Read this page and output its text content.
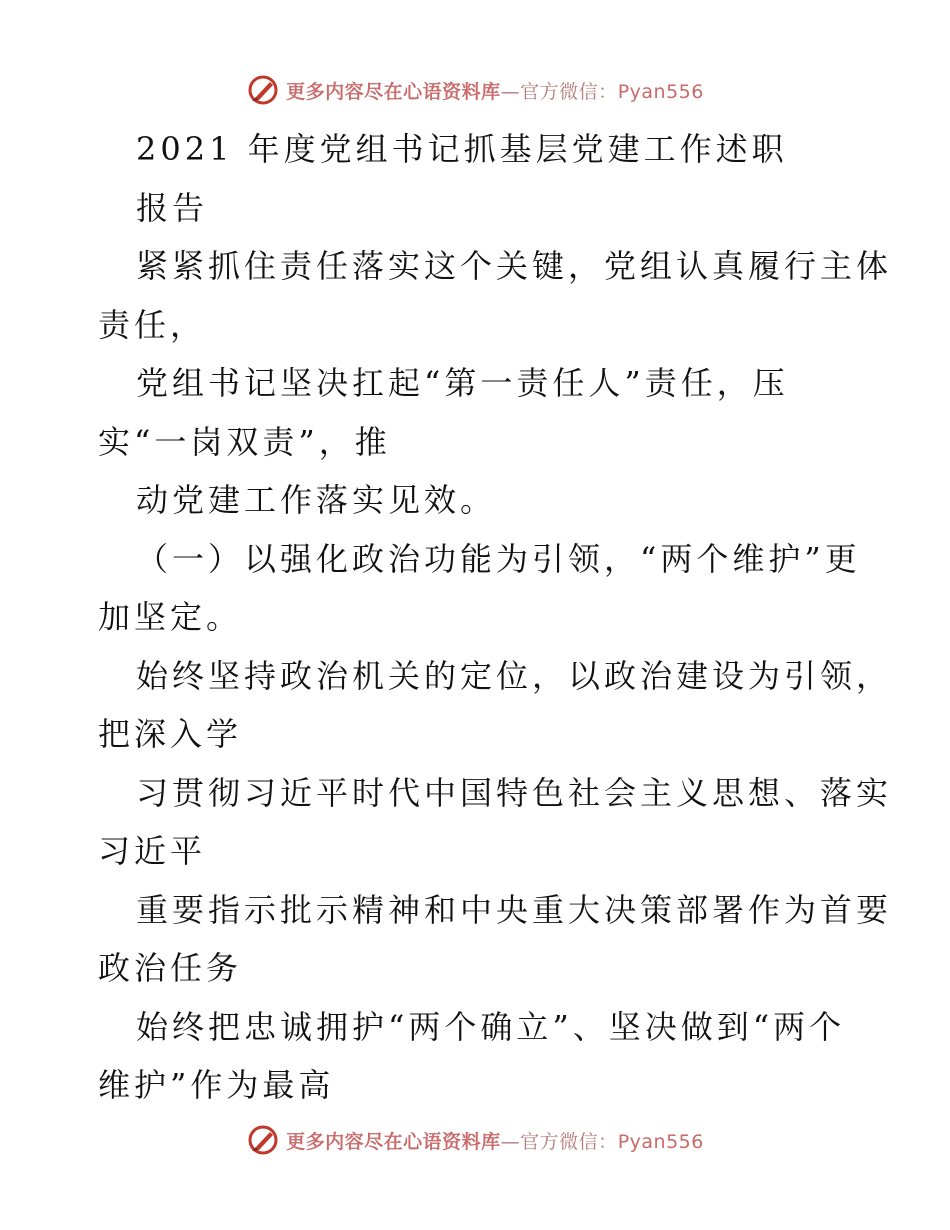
更多内容尽在心语资料库—官方微信：Pyan556
2021 年度党组书记抓基层党建工作述职
报告
紧紧抓住责任落实这个关键，党组认真履行主体
责任，
党组书记坚决扛起“第一责任人”责任，压
实“一岗双责”，推
动党建工作落实见效。
（一）以强化政治功能为引领，“两个维护”更
加坚定。
始终坚持政治机关的定位，以政治建设为引领，
把深入学
习贯彻习近平时代中国特色社会主义思想、落实
习近平
重要指示批示精神和中央重大决策部署作为首要
政治任务
始终把忠诚拥护“两个确立”、坚决做到“两个
维护”作为最高
更多内容尽在心语资料库—官方微信：Pyan556
